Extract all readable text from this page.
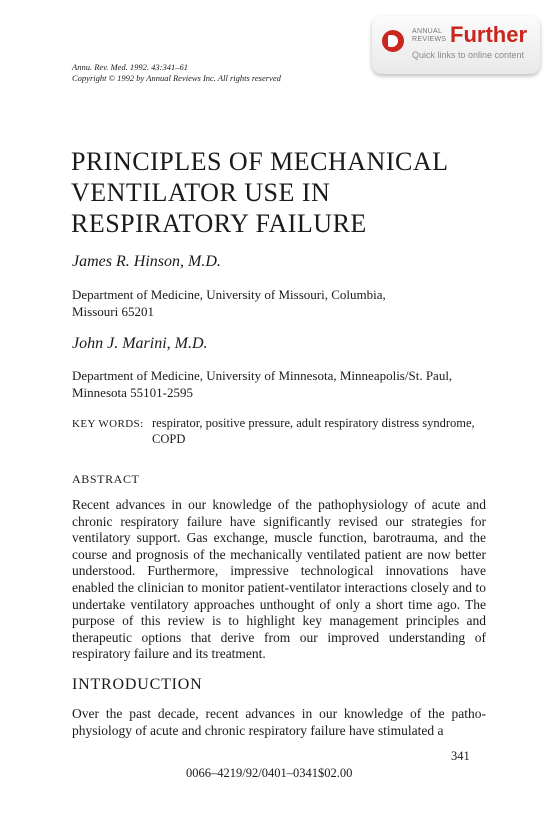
Annu. Rev. Med. 1992. 43:341–61
Copyright © 1992 by Annual Reviews Inc. All rights reserved
ANNUAL
REVIEWS Further
Quick links to online content
PRINCIPLES OF MECHANICAL
VENTILATOR USE IN
RESPIRATORY FAILURE
James R. Hinson, M.D.
Department of Medicine, University of Missouri, Columbia,
Missouri 65201
John J. Marini, M.D.
Department of Medicine, University of Minnesota, Minneapolis/St. Paul,
Minnesota 55101-2595
KEY WORDS: respirator, positive pressure, adult respiratory distress syndrome, COPD
ABSTRACT

Recent advances in our knowledge of the pathophysiology of acute and chronic respiratory failure have significantly revised our strategies for ventilatory support. Gas exchange, muscle function, barotrauma, and the course and prognosis of the mechanically ventilated patient are now better understood. Furthermore, impressive technological innovations have enabled the clinician to monitor patient-ventilator interactions closely and to undertake ventilatory approaches unthought of only a short time ago. The purpose of this review is to highlight key management principles and therapeutic options that derive from our improved understanding of respiratory failure and its treatment.

INTRODUCTION

Over the past decade, recent advances in our knowledge of the patho-physiology of acute and chronic respiratory failure have stimulated a

341
0066–4219/92/0401–0341$02.00
